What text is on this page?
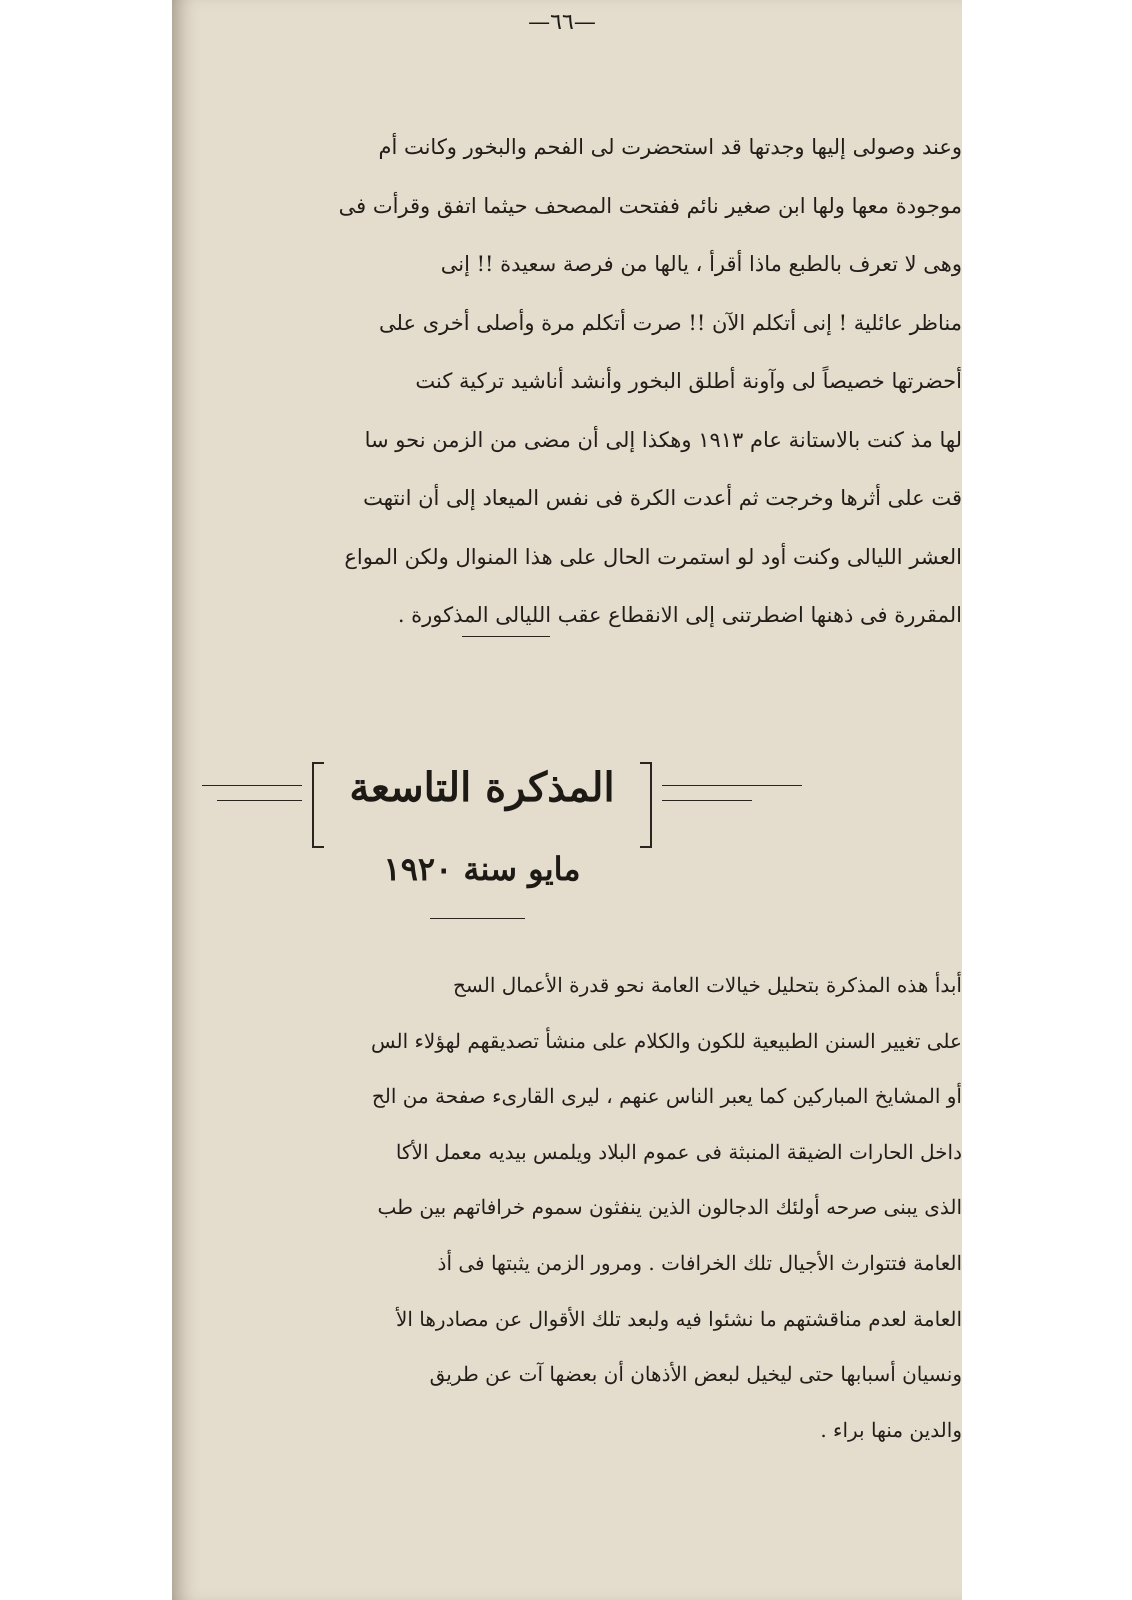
—٦٦—
وعند وصولى إليها وجدتها قد استحضرت لى الفحم والبخور وكانت أم
موجودة معها ولها ابن صغير نائم ففتحت المصحف حيثما اتفق وقرأت فى
وهى لا تعرف بالطبع ماذا أقرأ ، يالها من فرصة سعيدة !! إنى
مناظر عائلية ! إنى أتكلم الآن !! صرت أتكلم مرة وأصلى أخرى على
أحضرتها خصيصاً لى وآونة أطلق البخور وأنشد أناشيد تركية كنت
لها مذ كنت بالاستانة عام ١٩١٣ وهكذا إلى أن مضى من الزمن نحو سا
قت على أثرها وخرجت ثم أعدت الكرة فى نفس الميعاد إلى أن انتهت
العشر الليالى وكنت أود لو استمرت الحال على هذا المنوال ولكن المواع
المقررة فى ذهنها اضطرتنى إلى الانقطاع عقب الليالى المذكورة .
المذكرة التاسعة
مايو سنة ١٩٢٠
أبدأ هذه المذكرة بتحليل خيالات العامة نحو قدرة الأعمال السح
على تغيير السنن الطبيعية للكون والكلام على منشأ تصديقهم لهؤلاء الس
أو المشايخ المباركين كما يعبر الناس عنهم ، ليرى القارىء صفحة من الح
داخل الحارات الضيقة المنبثة فى عموم البلاد ويلمس بيديه معمل الأكا
الذى يبنى صرحه أولئك الدجالون الذين ينفثون سموم خرافاتهم بين طب
العامة فتتوارث الأجيال تلك الخرافات . ومرور الزمن يثبتها فى أذ
العامة لعدم مناقشتهم ما نشئوا فيه ولبعد تلك الأقوال عن مصادرها الأ
ونسيان أسبابها حتى ليخيل لبعض الأذهان أن بعضها آت عن طريق
والدين منها براء .
